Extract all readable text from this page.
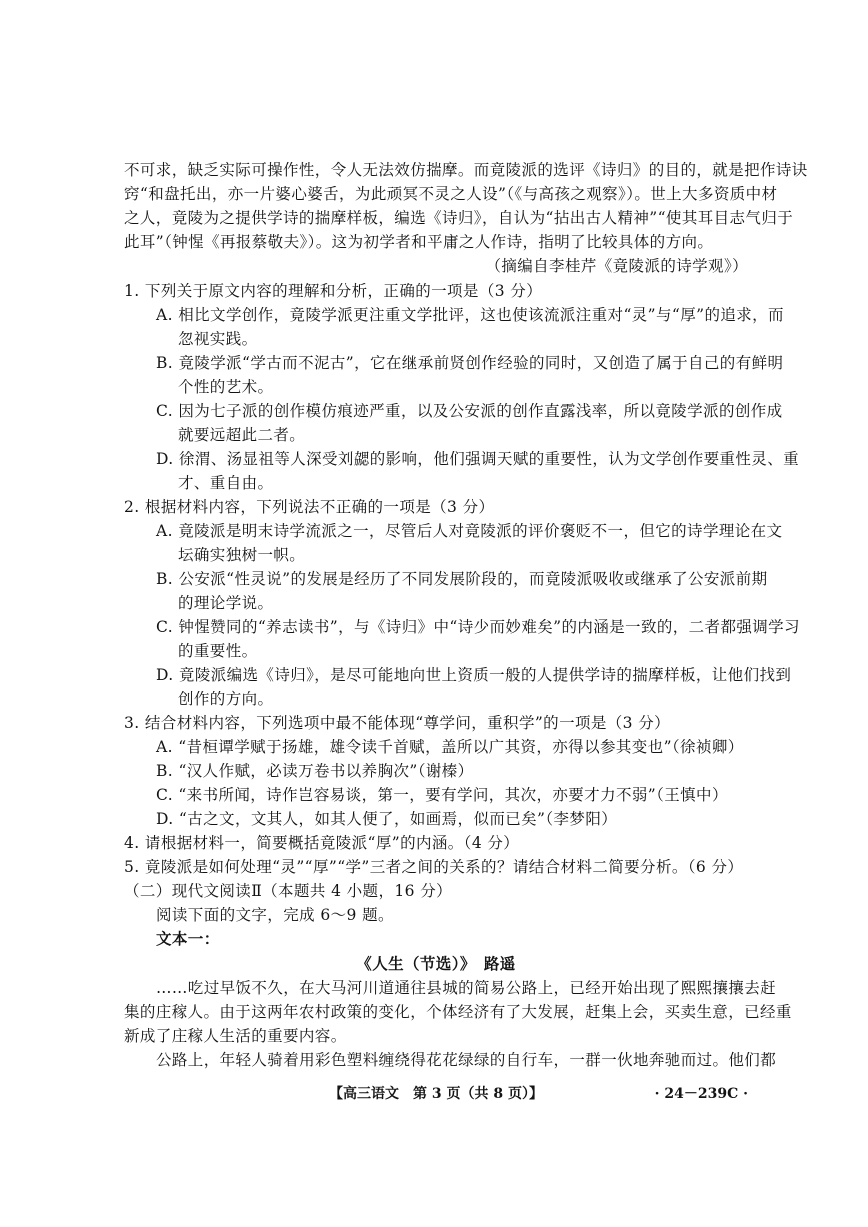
不可求，缺乏实际可操作性，令人无法效仿揣摩。而竟陵派的选评《诗归》的目的，就是把作诗诀
窍“和盘托出，亦一片婆心婆舌，为此顽冥不灵之人设”（《与高孩之观察》）。世上大多资质中材
之人，竟陵为之提供学诗的揣摩样板，编选《诗归》，自认为“拈出古人精神”“使其耳目志气归于
此耳”（钟惺《再报蔡敬夫》）。这为初学者和平庸之人作诗，指明了比较具体的方向。
（摘编自李桂芹《竟陵派的诗学观》）
1. 下列关于原文内容的理解和分析，正确的一项是（3 分）
A. 相比文学创作，竟陵学派更注重文学批评，这也使该流派注重对“灵”与“厚”的追求，而
忽视实践。
B. 竟陵学派“学古而不泥古”，它在继承前贤创作经验的同时，又创造了属于自己的有鲜明
个性的艺术。
C. 因为七子派的创作模仿痕迹严重，以及公安派的创作直露浅率，所以竟陵学派的创作成
就要远超此二者。
D. 徐渭、汤显祖等人深受刘勰的影响，他们强调天赋的重要性，认为文学创作要重性灵、重
才、重自由。
2. 根据材料内容，下列说法不正确的一项是（3 分）
A. 竟陵派是明末诗学流派之一，尽管后人对竟陵派的评价褒贬不一，但它的诗学理论在文
坛确实独树一帜。
B. 公安派“性灵说”的发展是经历了不同发展阶段的，而竟陵派吸收或继承了公安派前期
的理论学说。
C. 钟惺赞同的“养志读书”，与《诗归》中“诗少而妙难矣”的内涵是一致的，二者都强调学习
的重要性。
D. 竟陵派编选《诗归》，是尽可能地向世上资质一般的人提供学诗的揣摩样板，让他们找到
创作的方向。
3. 结合材料内容，下列选项中最不能体现“尊学问，重积学”的一项是（3 分）
A. “昔桓谭学赋于扬雄，雄令读千首赋，盖所以广其资，亦得以参其变也”（徐祯卿）
B. “汉人作赋，必读万卷书以养胸次”（谢榛）
C. “来书所闻，诗作岂容易谈，第一，要有学问，其次，亦要才力不弱”（王慎中）
D. “古之文，文其人，如其人便了，如画焉，似而已矣”（李梦阳）
4. 请根据材料一，简要概括竟陵派“厚”的内涵。（4 分）
5. 竟陵派是如何处理“灵”“厚”“学”三者之间的关系的？请结合材料二简要分析。（6 分）
（二）现代文阅读Ⅱ（本题共 4 小题，16 分）
阅读下面的文字，完成 6～9 题。
文本一：
《人生（节选）》　路遥
……吃过早饭不久，在大马河川道通往县城的简易公路上，已经开始出现了熙熙攘攘去赶
集的庄稼人。由于这两年农村政策的变化，个体经济有了大发展，赶集上会，买卖生意，已经重
新成了庄稼人生活的重要内容。
公路上，年轻人骑着用彩色塑料缠绕得花花绿绿的自行车，一群一伙地奔驰而过。他们都
【高三语文　第 3 页（共 8 页）】	· 24－239C ·
